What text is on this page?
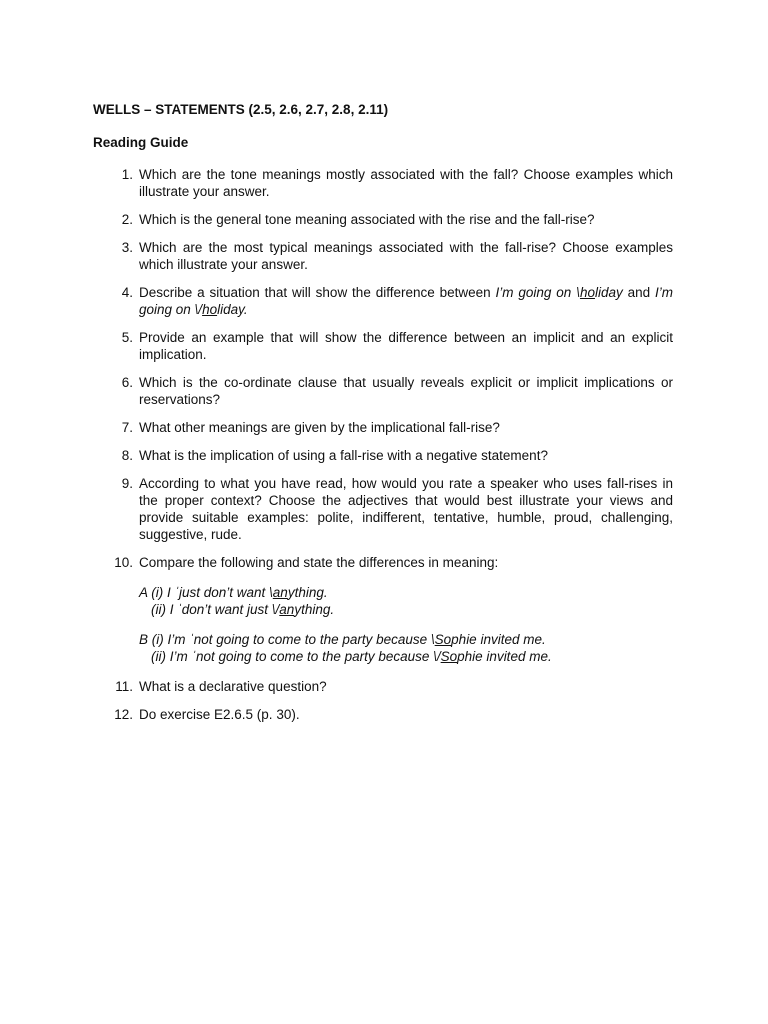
WELLS – STATEMENTS (2.5, 2.6, 2.7, 2.8, 2.11)

Reading Guide

1. Which are the tone meanings mostly associated with the fall? Choose examples which illustrate your answer.
2. Which is the general tone meaning associated with the rise and the fall-rise?
3. Which are the most typical meanings associated with the fall-rise? Choose examples which illustrate your answer.
4. Describe a situation that will show the difference between I’m going on \holiday and I’m going on \/holiday.
5. Provide an example that will show the difference between an implicit and an explicit implication.
6. Which is the co-ordinate clause that usually reveals explicit or implicit implications or reservations?
7. What other meanings are given by the implicational fall-rise?
8. What is the implication of using a fall-rise with a negative statement?
9. According to what you have read, how would you rate a speaker who uses fall-rises in the proper context? Choose the adjectives that would best illustrate your views and provide suitable examples: polite, indifferent, tentative, humble, proud, challenging, suggestive, rude.
10. Compare the following and state the differences in meaning:
A (i) I ˈjust don’t want \anything.
(ii) I ˈdon’t want just \/anything.
B (i) I’m ˈnot going to come to the party because \Sophie invited me.
(ii) I’m ˈnot going to come to the party because \/Sophie invited me.
11. What is a declarative question?
12. Do exercise E2.6.5 (p. 30).
